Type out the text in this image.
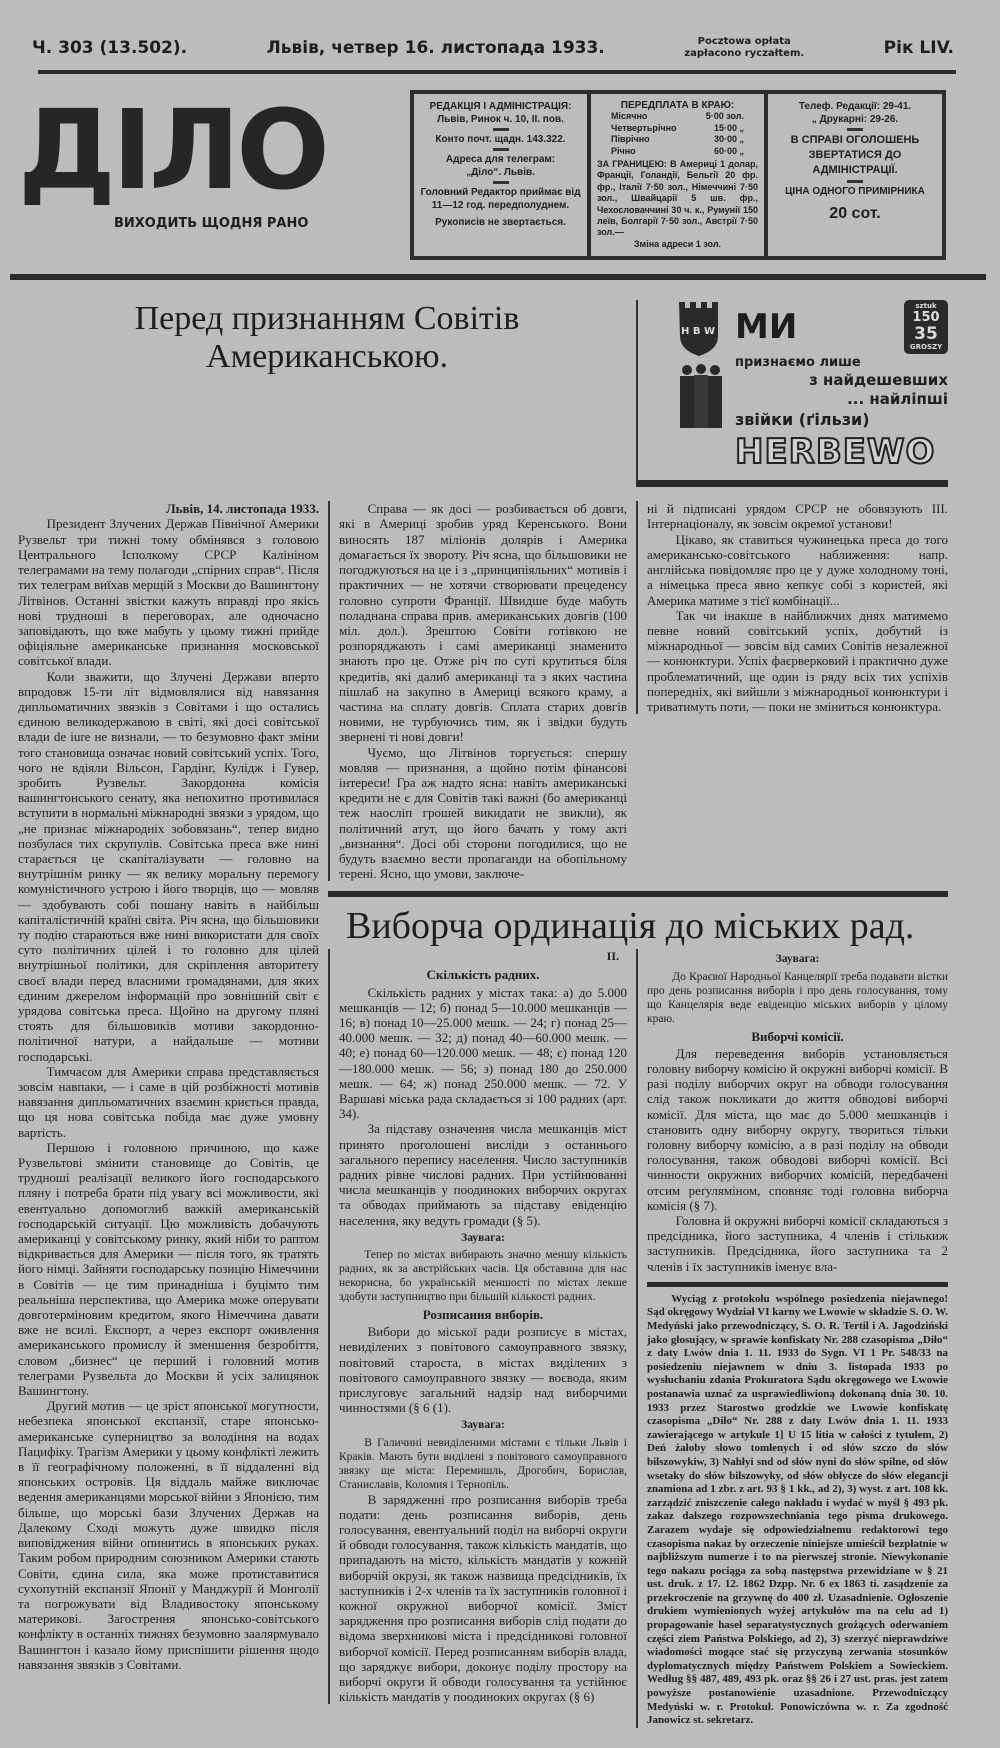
Ч. 303 (13.502).	Львів, четвер 16. листопада 1933.	Pocztowa opłata
zapłacono ryczałtem.	Рік LIV.
ДІЛО
ВИХОДИТЬ ЩОДНЯ РАНО
РЕДАКЦІЯ І АДМІНІСТРАЦІЯ:
Львів, Ринок ч. 10, II. пов.
Конто почт. щадн. 143.322.
Адреса для телеграм:
„Діло“. Львів.
Головний Редактор приймає від 11—12 год. передполуднем.
Рукописів не звертається.
ПЕРЕДПЛАТА В КРАЮ:
Місячно	5·00 зол.
Четвертьрічно	15·00 „
Піврічно	30·00 „
Річно	60·00 „
ЗА ГРАНИЦЕЮ: В Америці 1 долар, Франції, Голандії, Бельгії 20 фр. фр., Італії 7·50 зол., Німеччині 7·50 зол., Швайцарії 5 шв. фр., Чехословаччині 30 ч. к., Румунії 150 леїв, Болгарії 7·50 зол., Австрії 7·50 зол.—
Зміна адреси 1 зол.
Телеф. Редакції: 29-41.
„ Друкарні: 29-26.
В СПРАВІ ОГОЛОШЕНЬ ЗВЕРТАТИСЯ ДО АДМІНІСТРАЦІЇ.
ЦІНА ОДНОГО ПРИМІРНИКА
20 сот.
Перед признанням Совітів Американською.
H B W МИ
sztuk
150
35
GROSZY
признаємо лише
з найдешевших
... найліпші
звійки (ґільзи)
HERBEWO
Львів, 14. листопада 1933.

Президент Злучених Держав Північної Америки Рузвельт три тижні тому обмінявся з головою Центрального Ісполкому СРСР Калініном телеграмами на тему полагоди „спірних справ“. Після тих телеграм виїхав мерщій з Москви до Вашингтону Літвінов. Останні звістки кажуть вправді про якісь нові трудноші в переговорах, але одночасно заповідають, що вже мабуть у цьому тижні прийде офіціяльне американське признання московської совітської влади.

Коли зважити, що Злучені Держави вперто впродовж 15-ти літ відмовлялися від навязання дипльоматичних звязків з Совітами і що остались єдиною великодержавою в світі, які досі совітської влади de iure не визнали, — то безумовно факт зміни того становища означає новий совітський успіх. Того, чого не вдіяли Вільсон, Гардінг, Кулідж і Гувер, зробить Рузвельт. Закордонна комісія вашингтонського сенату, яка непохитно противилася вступити в нормальні міжнародні звязки з урядом, що „не признає міжнародніх зобовязань“, тепер видно позбулася тих скрупулів. Совітська преса вже нині старається це скапіталізувати — головно на внутрішнім ринку — як велику моральну перемогу комуністичного устрою і його творців, що — мовляв — здобувають собі пошану навіть в найбільш капіталістичній країні світа. Річ ясна, що більшовики ту подію стараються вже нині використати для своїх суто політичних цілей і то головно для цілей внутрішньої політики, для скріплення авторитету своєї влади перед власними громадянами, для яких єдиним джерелом інформацій про зовнішній світ є урядова совітська преса. Щойно на другому пляні стоять для більшовиків мотиви закордонно-політичної натури, а найдальше — мотиви господарські.

Тимчасом для Америки справа представляється зовсім навпаки, — і саме в цій розбіжності мотивів навязання дипльоматичних взаємин криється правда, що ця нова совітська побіда має дуже умовну вартість.

Першою і головною причиною, що каже Рузвельтові змінити становище до Совітів, це трудноші реалізації великого його господарського пляну і потреба брати під увагу всі можливости, які евентуально допомоглиб важкій американській господарській ситуації. Цю можливість добачують американці у совітському ринку, який ніби то раптом відкривається для Америки — після того, як тратять його німці. Зайняти господарську позицію Німеччини в Совітів — це тим принадніша і буцімто тим реальніша перспектива, що Америка може оперувати довготерміновим кредитом, якого Німеччина давати вже не всилі. Експорт, а через експорт оживлення американського промислу й зменшення безробіття, словом „бизнес“ це перший і головний мотив телеграми Рузвельта до Москви й усіх залицянок Вашингтону.

Другий мотив — це зріст японської могутности, небезпека японської експанзії, старе японсько-американське суперництво за володіння на водах Пацифіку. Трагізм Америки у цьому конфлікті лежить в її географічному положенні, в її віддаленні від японських островів. Ця віддаль майже виключає ведення американцями морської війни з Японією, тим більше, що морські бази Злучених Держав на Далекому Сході можуть дуже швидко після виповіджения війни опинитись в японських руках. Таким робом природним союзником Америки стають Совіти, єдина сила, яка може протиставитися сухопутній експанзії Японії у Манджурії й Монголії та погрожувати від Владивостоку японському материкові. Загострення японсько-совітського конфлікту в останніх тижнях безумовно заалярмувало Вашингтон і казало йому приспішити рішення щодо навязання звязків з Совітами.

Справа — як досі — розбивається об довги, які в Америці зробив уряд Керенського. Вони виносять 187 міліонів долярів і Америка домагається їх звороту. Річ ясна, що більшовики не погоджуються на це і з „принципіяльних“ мотивів і практичних — не хотячи створювати прецеденсу головно супроти Франції. Швидше буде мабуть поладнана справа прив. американських довгів (100 міл. дол.). Зрештою Совіти готівкою не розпоряджають і самі американці знаменито знають про це. Отже річ по суті крутиться біля кредитів, які далиб американці та з яких частина пішлаб на закупно в Америці всякого краму, а частина на сплату довгів. Сплата старих довгів новими, не турбуючись тим, як і звідки будуть звернені ті нові довги!

Чуємо, що Літвінов торгується: спершу мовляв — признання, а щойно потім фінансові інтереси! Гра аж надто ясна: навіть американські кредити не є для Совітів такі важні (бо американці теж наосліп грошей викидати не звикли), як політичний атут, що його бачать у тому акті „визнання“. Досі обі сторони погодилися, що не будуть взаємно вести пропаганди на обопільному терені. Ясно, що умови, заключе-

ні й підписані урядом СРСР не обовязують III. Інтернаціоналу, як зовсім окремої установи!

Цікаво, як ставиться чужинецька преса до того американсько-совітського наближення: напр. англійська повідомляє про це у дуже холодному тоні, а німецька преса явно кепкує собі з користей, які Америка матиме з тієї комбінації...

Так чи інакше в найближчих днях матимемо певне новий совітський успіх, добутий із міжнародньої — зовсім від самих Совітів незалежної — конюнктури. Успіх фаєрверковий і практично дуже проблематичний, ще один із ряду всіх тих успіхів попередніх, які вийшли з міжнародньої конюнктури і триватимуть поти, — поки не зміниться конюнктура.

Виборча ординація до міських рад.
II.
Скількість радних.

Скількість радних у містах така: а) до 5.000 мешканців — 12; б) понад 5—10.000 мешканців — 16; в) понад 10—25.000 мешк. — 24; г) понад 25—40.000 мешк. — 32; д) понад 40—60.000 мешк. — 40; е) понад 60—120.000 мешк. — 48; є) понад 120—180.000 мешк. — 56; з) понад 180 до 250.000 мешк. — 64; ж) понад 250.000 мешк. — 72. У Варшаві міська рада складається зі 100 радних (арт. 34).

За підставу означення числа мешканців міст принято проголошені висліди з останнього загального перепису населення. Число заступників радних рівне числові радних. При устійнюванні числа мешканців у поодиноких виборчих округах та обводах приймають за підставу евіденцію населення, яку ведуть громади (§ 5).

Заувага:

Тепер по містах вибирають значно меншу кількість радних, як за австрійських часів. Ця обставина для нас некорисна, бо українській меншості по містах лекше здобути заступництво при більшій кількості радних.

Розписання виборів.

Вибори до міської ради розписує в містах, невиділених з повітового самоуправного звязку, повітовий староста, в містах виділених з повітового самоуправного звязку — воєвода, яким прислуговує загальний надзір над виборчими чинностями (§ 6 (1).

Заувага:

В Галичині невиділеними містами є тільки Львів і Краків. Мають бути виділені з повітового самоуправного звязку ще міста: Перемишль, Дрогобич, Борислав, Станиславів, Коломия і Тернопіль.

В зарядженні про розписання виборів треба подати: день розписання виборів, день голосування, евентуальний поділ на виборчі округи й обводи голосування, також кількість мандатів, що припадають на місто, кількість мандатів у кожній виборчій окрузі, як також назвища предсідників, їх заступників і 2-х членів та їх заступників головної і кожної окружної виборчої комісії. Зміст зарядження про розписання виборів слід подати до відома зверхникові міста і предсідникові головної виборчої комісії. Перед розписанням виборів влада, що заряджує вибори, доконує поділу простору на виборчі округи й обводи голосування та устійнює кількість мандатів у поодиноких округах (§ 6)

Заувага:

До Краєвої Народньої Канцелярії треба подавати вістки про день розписання виборів і про день голосування, тому що Канцелярія веде евіденцію міських виборів у цілому краю.

Виборчі комісії.

Для переведення виборів установляється головну виборчу комісію й окружні виборчі комісії. В разі поділу виборчих округ на обводи голосування слід також покликати до життя обводові виборчі комісії. Для міста, що має до 5.000 мешканців і становить одну виборчу округу, твориться тільки головну виборчу комісію, а в разі поділу на обводи голосування, також обводові виборчі комісії. Всі чинности окружних виборчих комісій, передбачені отсим реґуляміном, сповняє тоді головна виборча комісія (§ 7).

Головна й окружні виборчі комісії складаються з предсідника, його заступника, 4 членів і стількиж заступників. Предсідника, його заступника та 2 членів і їх заступників іменує вла-

Wyciąg z protokołu wspólnego posiedzenia niejawnego! Sąd okręgowy Wydział VI karny we Lwowie w składzie S. O. W. Medyński jako przewodniczący, S. O. R. Tertil i A. Jagodziński jako głosujący, w sprawie konfiskaty Nr. 288 czasopisma „Diło“ z daty Lwów dnia 1. 11. 1933 do Sygn. VI 1 Pr. 548/33 na posiedzeniu niejawnem w dniu 3. listopada 1933 po wysłuchaniu zdania Prokuratora Sądu okręgowego we Lwowie postanawia uznać za usprawiedliwioną dokonaną dnia 30. 10. 1933 przez Starostwo grodzkie we Lwowie konfiskatę czasopisma „Diło“ Nr. 288 z daty Lwów dnia 1. 11. 1933 zawierającego w artykule 1] U 15 litia w całości z tytułem, 2) Deń żałoby słowo tomłenych i od słów szczo do słów bilszowykiw, 3) Nahłyi snd od słów nyni do słów spilne, od słów wsetaky do słów bilszowyky, od słów obłycze do słów elegancji znamiona ad 1 zbr. z art. 93 § 1 kk., ad 2), 3) wyst. z art. 108 kk. zarządzić zniszczenie całego nakładu i wydać w myśl § 493 pk. zakaz dalszego rozpowszechniania tego pisma drukowego. Zarazem wydaje się odpowiedzialnemu redaktorowi tego czasopisma nakaz by orzeczenie niniejsze umieścił bezpłatnie w najbliższym numerze i to na pierwszej stronie. Niewykonanie tego nakazu pociąga za sobą następstwa przewidziane w § 21 ust. druk. z 17. 12. 1862 Dzpp. Nr. 6 ex 1863 ti. zasądzenie za przekroczenie na grzywnę do 400 zł. Uzasadnienie. Ogłoszenie drukiem wymienionych wyżej artykułów ma na celu ad 1) propagowanie haseł separatystycznych grożących oderwaniem części ziem Państwa Polskiego, ad 2), 3) szerzyć nieprawdziwe wiadomości mogące stać się przyczyną zerwania stosunków dyplomatycznych między Państwem Polskiem a Sowieckiem. Według §§ 487, 489, 493 pk. oraz §§ 26 i 27 ust. pras. jest zatem powyższe postanowienie uzasadnione. Przewodniczący Medyński w. r. Protokuł. Ponowiczówna w. r. Za zgodność Janowicz st. sekretarz.
